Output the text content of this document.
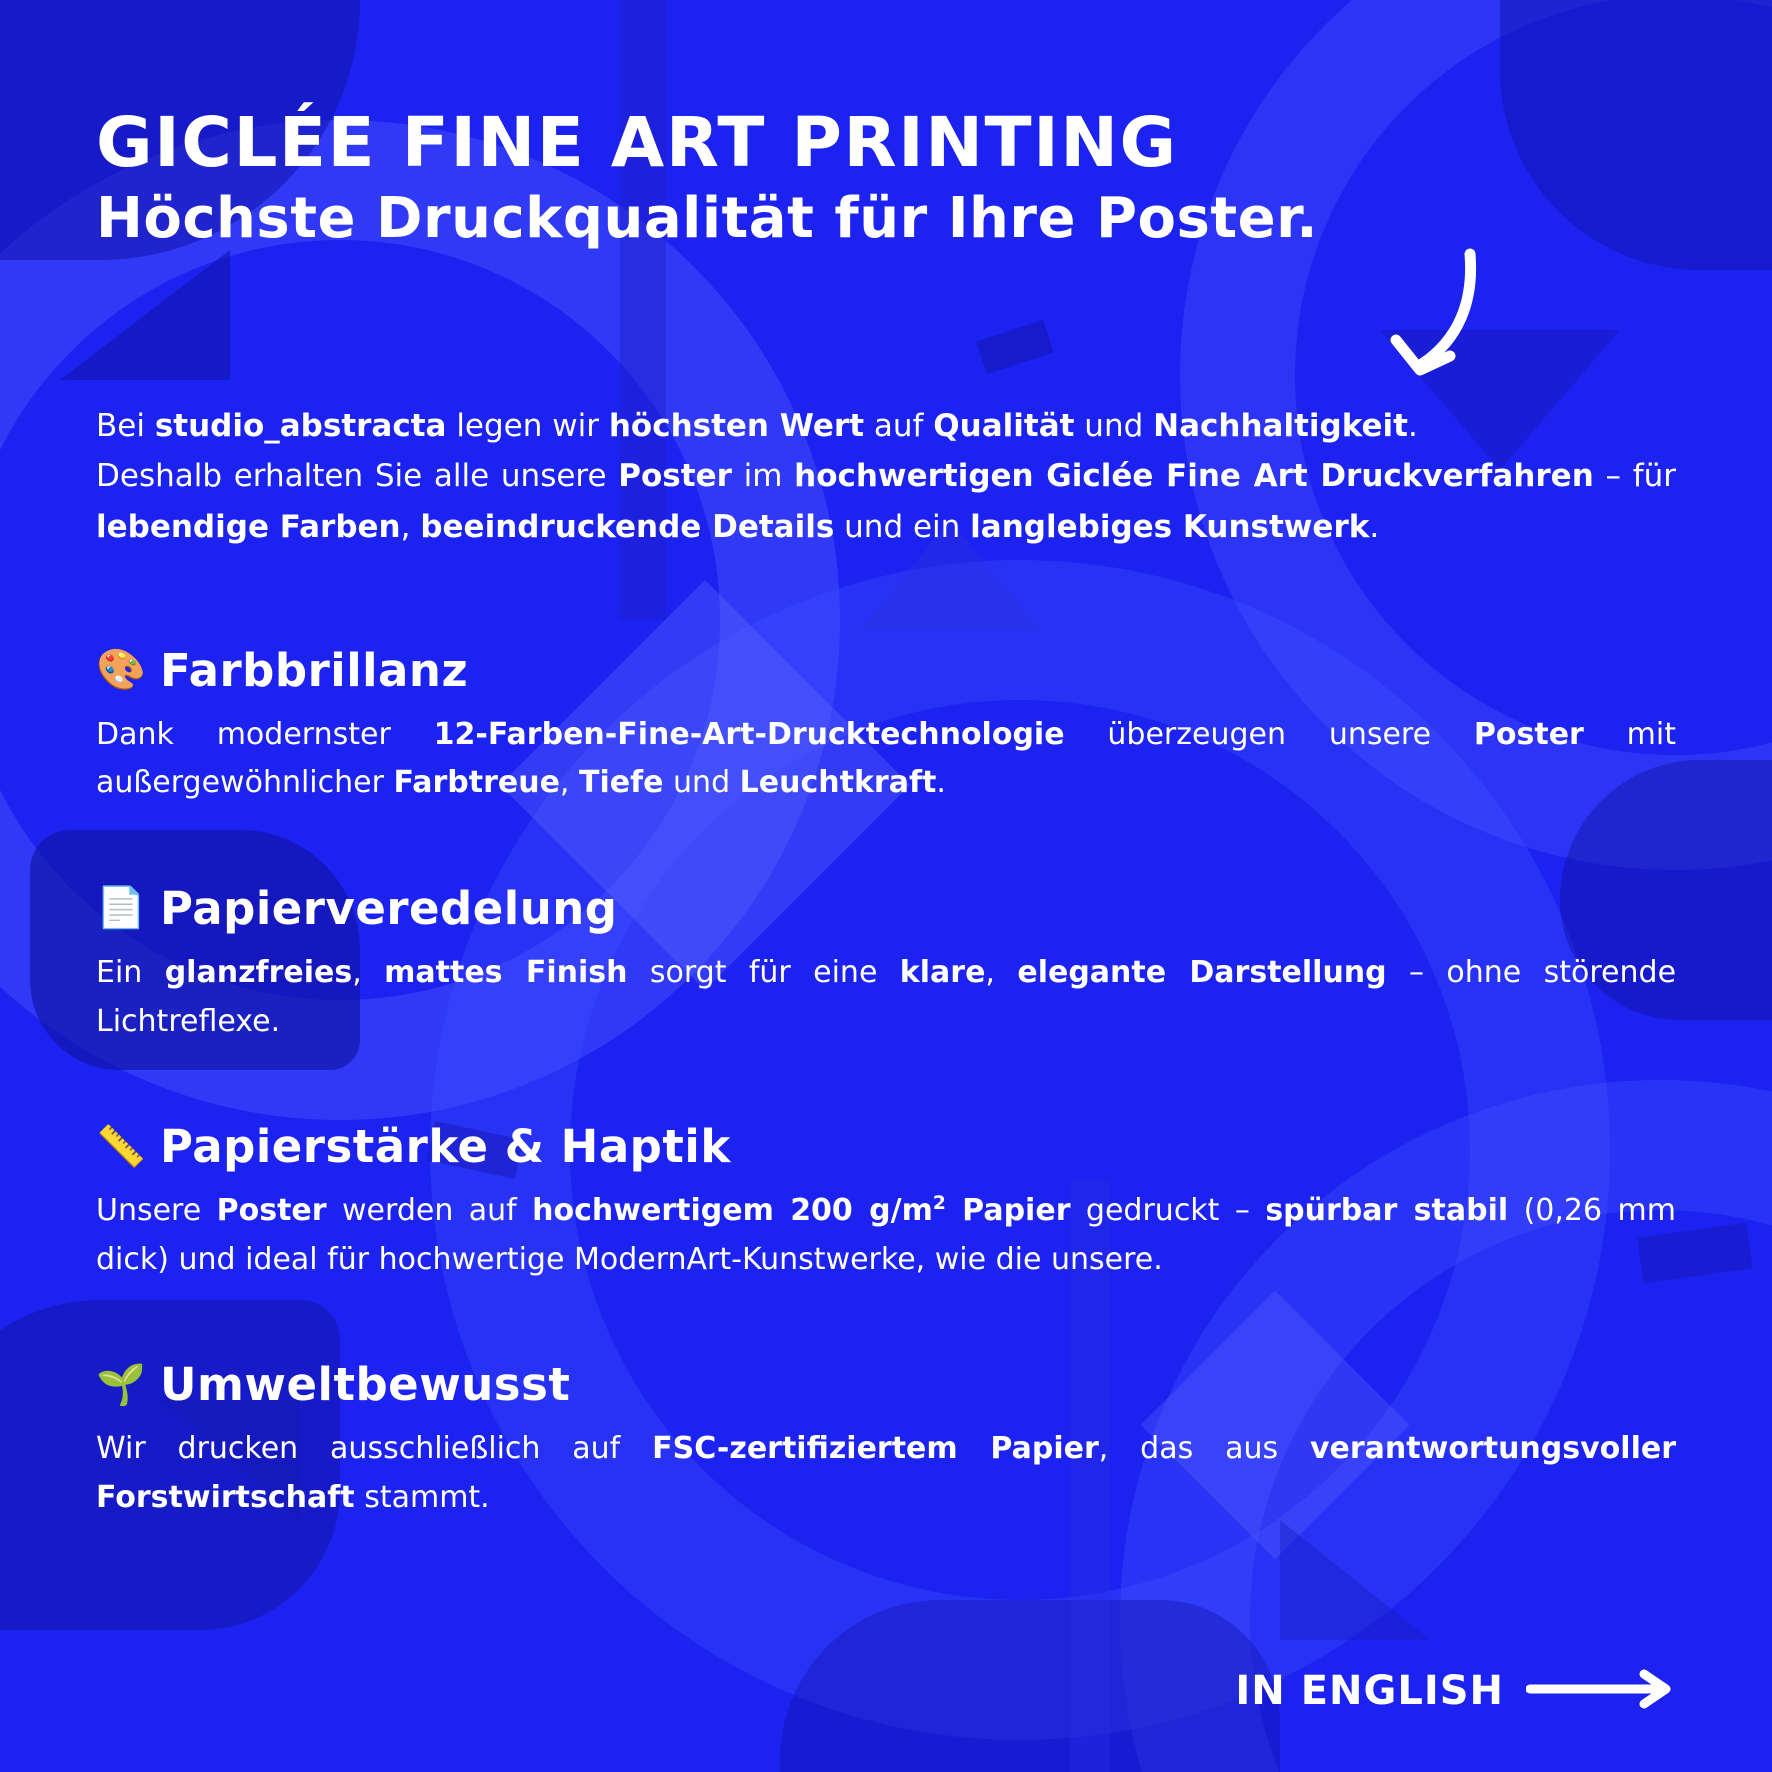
GICLÉE FINE ART PRINTING
Höchste Druckqualität für Ihre Poster.
Bei studio_abstracta legen wir höchsten Wert auf Qualität und Nachhaltigkeit.
Deshalb erhalten Sie alle unsere Poster im hochwertigen Giclée Fine Art Druckverfahren – für lebendige Farben, beeindruckende Details und ein langlebiges Kunstwerk.
🎨 Farbbrillanz
Dank modernster 12-Farben-Fine-Art-Drucktechnologie überzeugen unsere Poster mit außergewöhnlicher Farbtreue, Tiefe und Leuchtkraft.
📄 Papierveredelung
Ein glanzfreies, mattes Finish sorgt für eine klare, elegante Darstellung – ohne störende Lichtreflexe.
📏 Papierstärke & Haptik
Unsere Poster werden auf hochwertigem 200 $g/m^2$ Papier gedruckt – spürbar stabil (0,26 mm dick) und ideal für hochwertige ModernArt-Kunstwerke, wie die unsere.
🌱 Umweltbewusst
Wir drucken ausschließlich auf FSC-zertifiziertem Papier, das aus verantwortungsvoller Forstwirtschaft stammt.
IN ENGLISH
